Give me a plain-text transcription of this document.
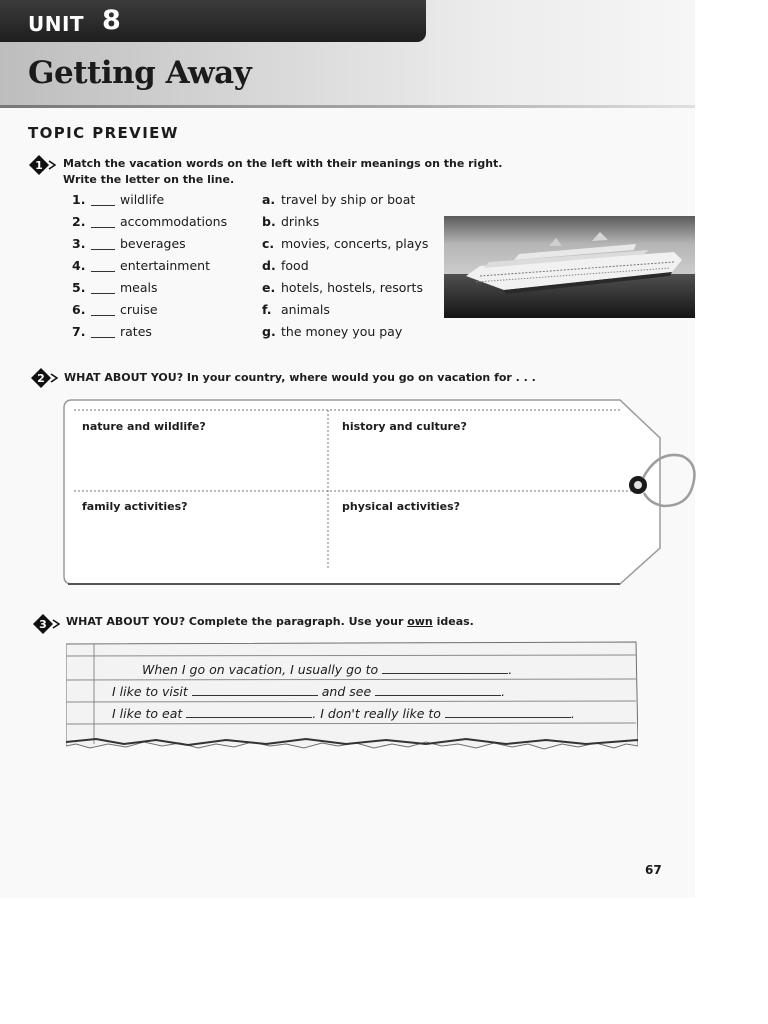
UNIT 8
Getting Away
TOPIC PREVIEW
1 Match the vacation words on the left with their meanings on the right.
Write the letter on the line.
1.	wildlife	a. travel by ship or boat
2.	accommodations	b. drinks
3.	beverages	c. movies, concerts, plays
4.	entertainment	d. food
5.	meals	e. hotels, hostels, resorts
6.	cruise	f. animals
7.	rates	g. the money you pay
2 WHAT ABOUT YOU? In your country, where would you go on vacation for . . .
nature and wildlife?	history and culture?
family activities?	physical activities?
3 WHAT ABOUT YOU? Complete the paragraph. Use your own ideas.
When I go on vacation, I usually go to	.
I like to visit	and see	.
I like to eat	. I don't really like to	.
67
